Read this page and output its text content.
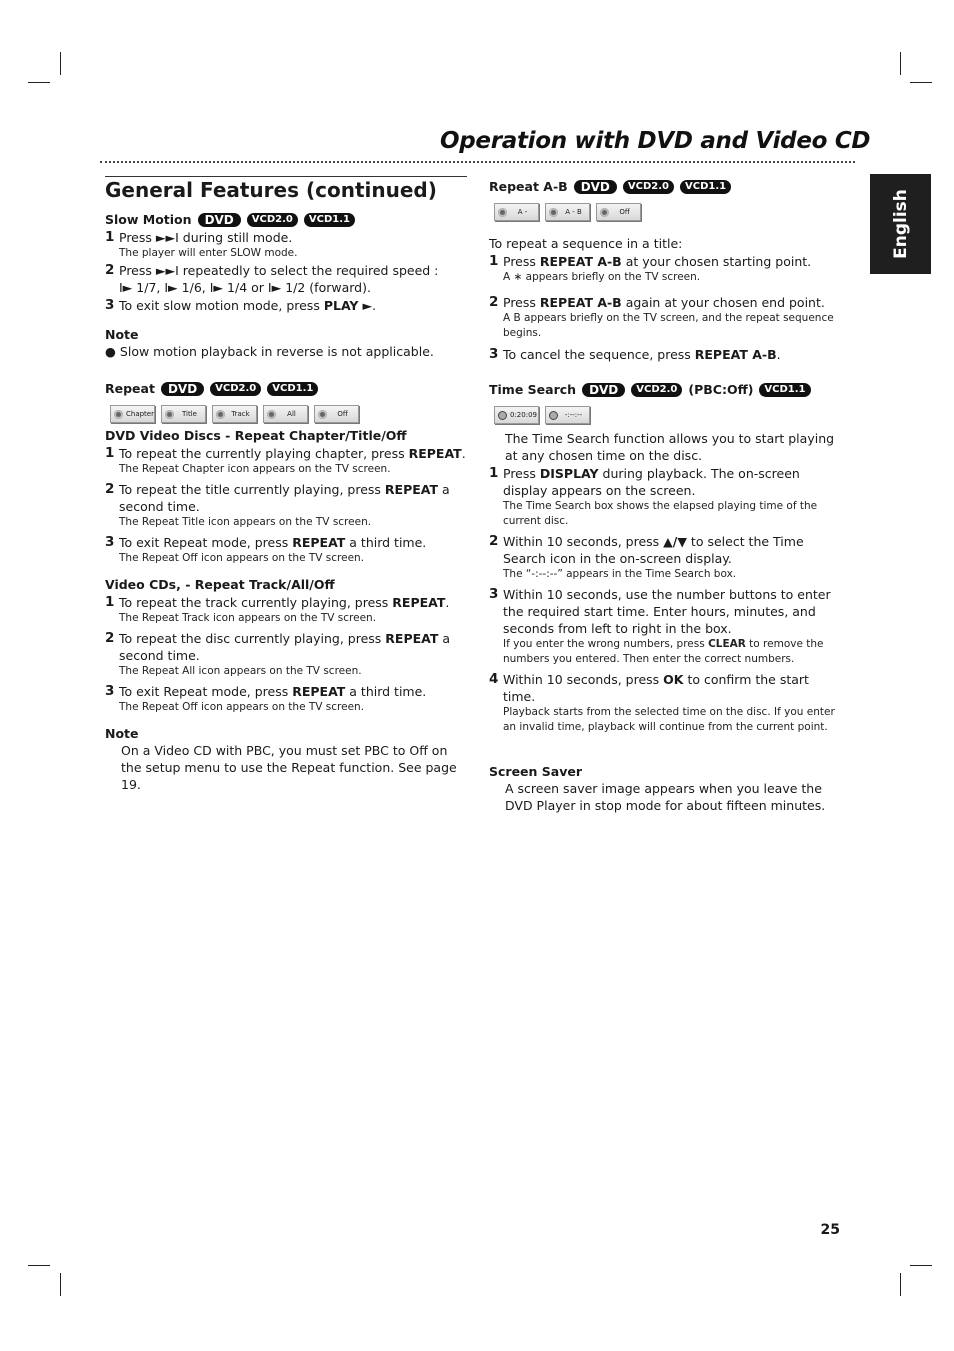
Operation with DVD and Video CD
English
General Features (continued)
Slow Motion	DVD	VCD2.0	VCD1.1
1 Press ►►I during still mode.
The player will enter SLOW mode.
2 Press ►►I repeatedly to select the required speed :
I► 1/7, I► 1/6, I► 1/4 or I► 1/2 (forward).
3 To exit slow motion mode, press PLAY ►.
Note
● Slow motion playback in reverse is not applicable.
Repeat	DVD	VCD2.0	VCD1.1
Chapter	Title	Track	All	Off
DVD Video Discs - Repeat Chapter/Title/Off
1 To repeat the currently playing chapter, press REPEAT.
The Repeat Chapter icon appears on the TV screen.
2 To repeat the title currently playing, press REPEAT a second time.
The Repeat Title icon appears on the TV screen.
3 To exit Repeat mode, press REPEAT a third time.
The Repeat Off icon appears on the TV screen.
Video CDs, - Repeat Track/All/Off
1 To repeat the track currently playing, press REPEAT.
The Repeat Track icon appears on the TV screen.
2 To repeat the disc currently playing, press REPEAT a second time.
The Repeat All icon appears on the TV screen.
3 To exit Repeat mode, press REPEAT a third time.
The Repeat Off icon appears on the TV screen.
Note
On a Video CD with PBC, you must set PBC to Off on the setup menu to use the Repeat function. See page 19.
Repeat A-B	DVD	VCD2.0	VCD1.1
A -	A - B	Off
To repeat a sequence in a title:
1 Press REPEAT A-B at your chosen starting point.
A ∗ appears briefly on the TV screen.
2 Press REPEAT A-B again at your chosen end point.
A B appears briefly on the TV screen, and the repeat sequence begins.
3 To cancel the sequence, press REPEAT A-B.
Time Search	DVD	VCD2.0 (PBC:Off)	VCD1.1
0:20:09	-:--:--
The Time Search function allows you to start playing at any chosen time on the disc.
1 Press DISPLAY during playback. The on-screen display appears on the screen.
The Time Search box shows the elapsed playing time of the current disc.
2 Within 10 seconds, press ▲/▼ to select the Time Search icon in the on-screen display.
The “-:--:--” appears in the Time Search box.
3 Within 10 seconds, use the number buttons to enter the required start time. Enter hours, minutes, and seconds from left to right in the box.
If you enter the wrong numbers, press CLEAR to remove the numbers you entered. Then enter the correct numbers.
4 Within 10 seconds, press OK to confirm the start time.
Playback starts from the selected time on the disc. If you enter an invalid time, playback will continue from the current point.
Screen Saver
A screen saver image appears when you leave the DVD Player in stop mode for about fifteen minutes.
25
